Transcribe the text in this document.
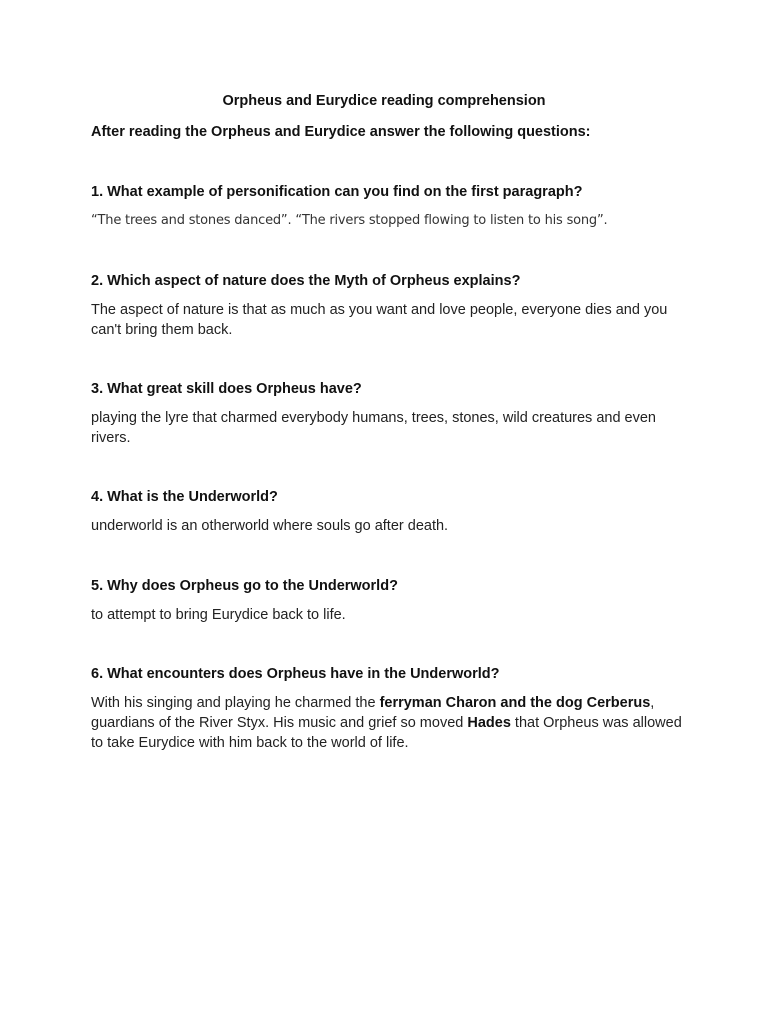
Orpheus and Eurydice reading comprehension

After reading the Orpheus and Eurydice answer the following questions:

1. What example of personification can you find on the first paragraph?

“The trees and stones danced”. “The rivers stopped flowing to listen to his song”.

2. Which aspect of nature does the Myth of Orpheus explains?

The aspect of nature is that as much as you want and love people, everyone dies and you can't bring them back.

3. What great skill does Orpheus have?

playing the lyre that charmed everybody humans, trees, stones, wild creatures and even rivers.

4. What is the Underworld?

underworld is an otherworld where souls go after death.

5. Why does Orpheus go to the Underworld?

to attempt to bring Eurydice back to life.

6. What encounters does Orpheus have in the Underworld?

With his singing and playing he charmed the ferryman Charon and the dog Cerberus, guardians of the River Styx. His music and grief so moved Hades that Orpheus was allowed to take Eurydice with him back to the world of life.
